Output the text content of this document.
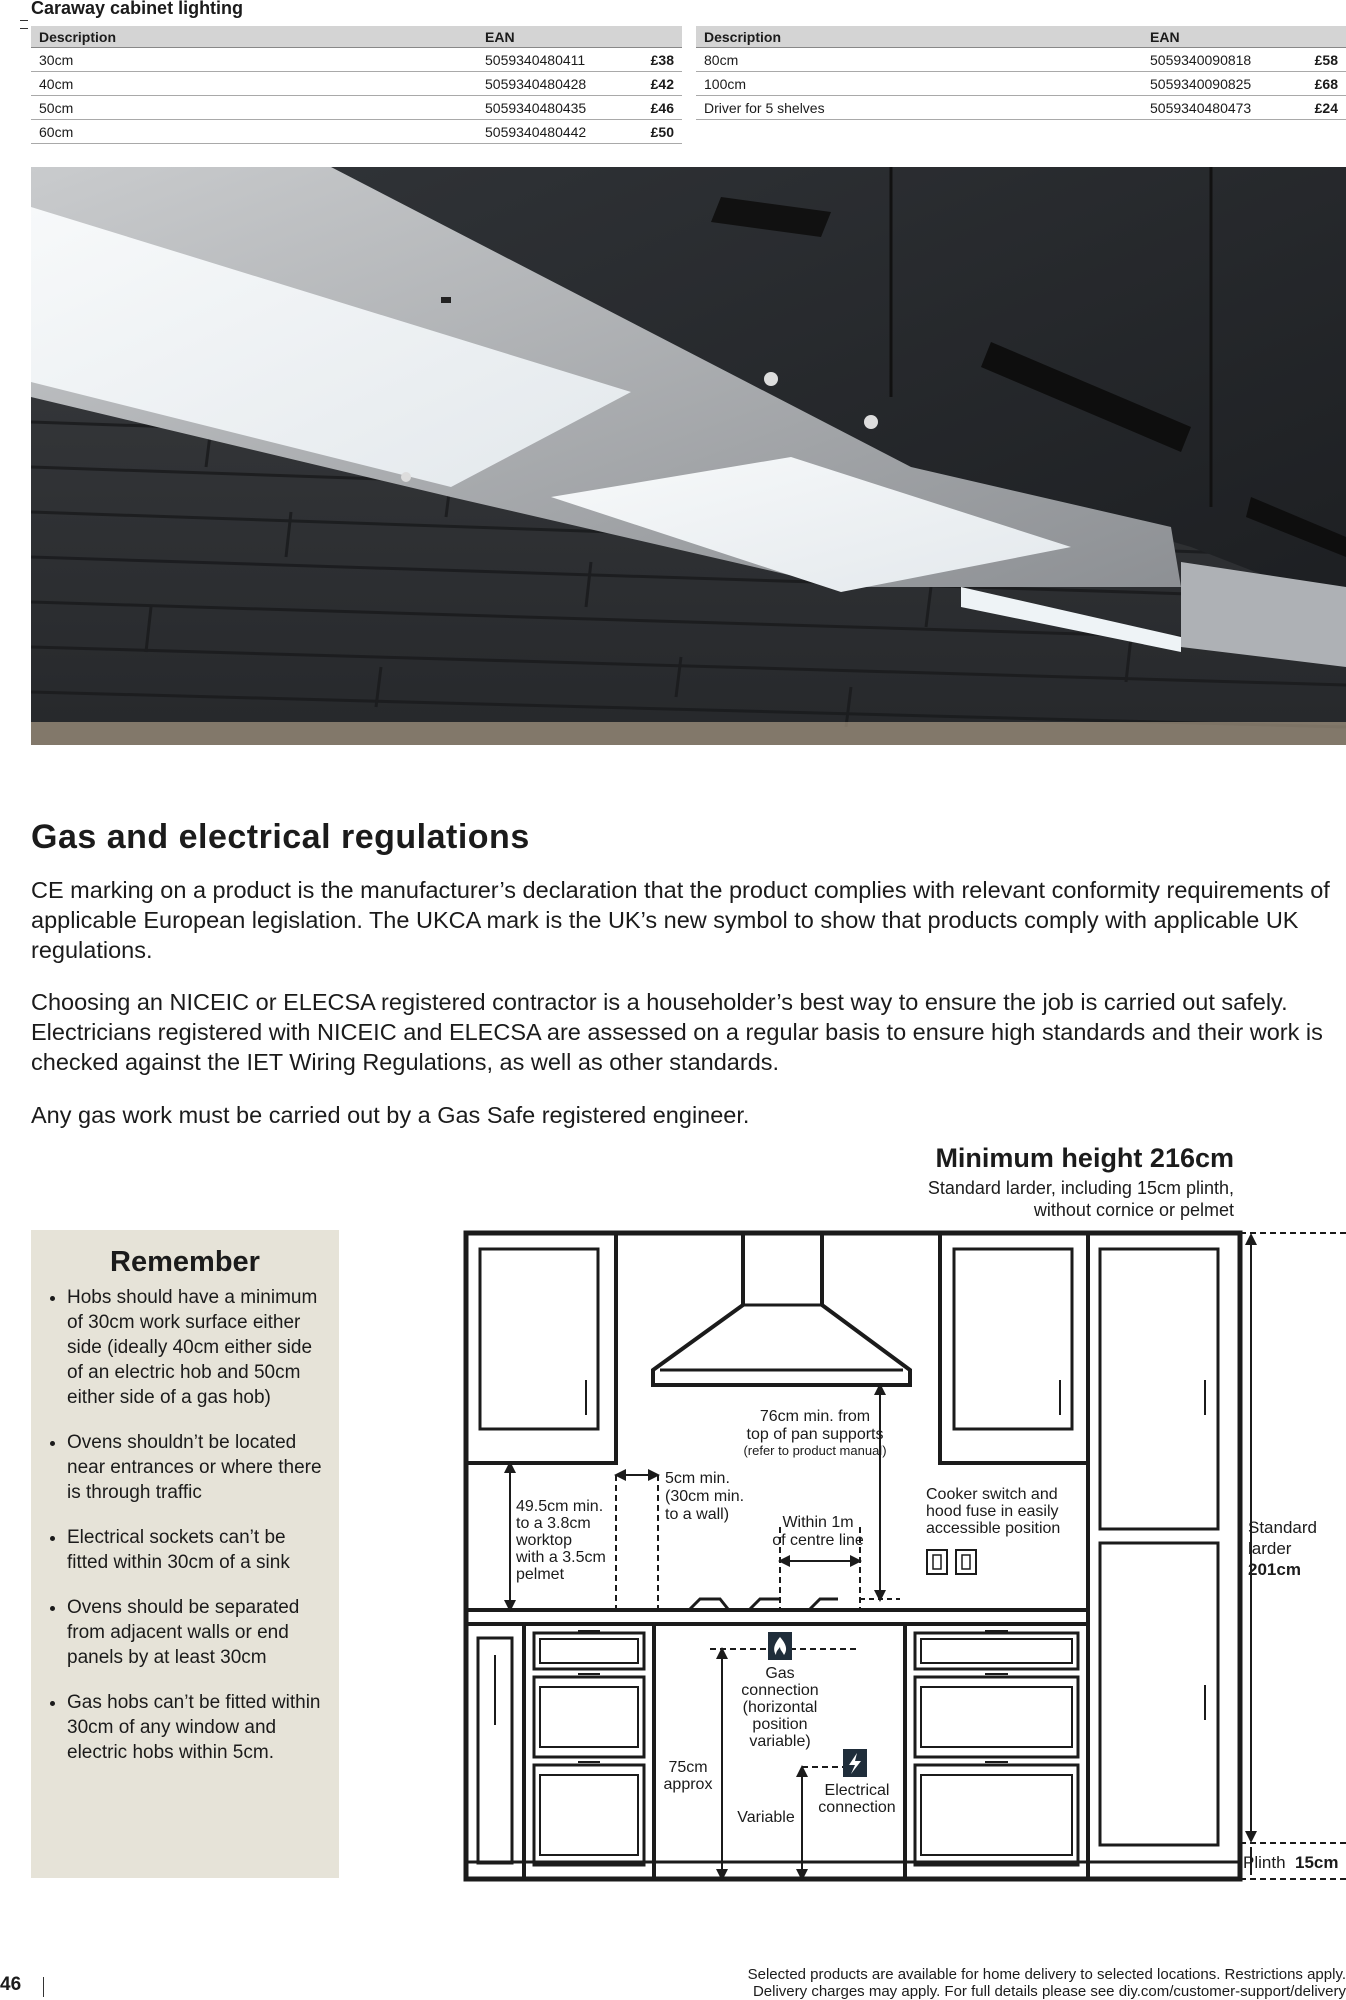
Caraway cabinet lighting
Description	EAN	
30cm	5059340480411	£38
40cm	5059340480428	£42
50cm	5059340480435	£46
60cm	5059340480442	£50
Description	EAN	
80cm	5059340090818	£58
100cm	5059340090825	£68
Driver for 5 shelves	5059340480473	£24
Gas and electrical regulations

CE marking on a product is the manufacturer’s declaration that the product complies with relevant conformity requirements of applicable European legislation. The UKCA mark is the UK’s new symbol to show that products comply with applicable UK regulations.

Choosing an NICEIC or ELECSA registered contractor is a householder’s best way to ensure the job is carried out safely. Electricians registered with NICEIC and ELECSA are assessed on a regular basis to ensure high standards and their work is checked against the IET Wiring Regulations, as well as other standards.

Any gas work must be carried out by a Gas Safe registered engineer.

Minimum height 216cm
Standard larder, including 15cm plinth,
without cornice or pelmet
Remember
• Hobs should have a minimum of 30cm work surface either side (ideally 40cm either side of an electric hob and 50cm either side of a gas hob)
• Ovens shouldn’t be located near entrances or where there is through traffic
• Electrical sockets can’t be fitted within 30cm of a sink
• Ovens should be separated from adjacent walls or end panels by at least 30cm
• Gas hobs can’t be fitted within 30cm of any window and electric hobs within 5cm.
76cm min. from
top of pan supports
(refer to product manual)
5cm min.
(30cm min.
to a wall)
49.5cm min.
to a 3.8cm
worktop
with a 3.5cm
pelmet
Within 1m
of centre line
Cooker switch and
hood fuse in easily
accessible position
Gas
connection
(horizontal
position
variable)
75cm
approx
Variable
Electrical
connection
Standard
larder
201cm
Plinth 15cm
46	Selected products are available for home delivery to selected locations. Restrictions apply.
Delivery charges may apply. For full details please see diy.com/customer-support/delivery
